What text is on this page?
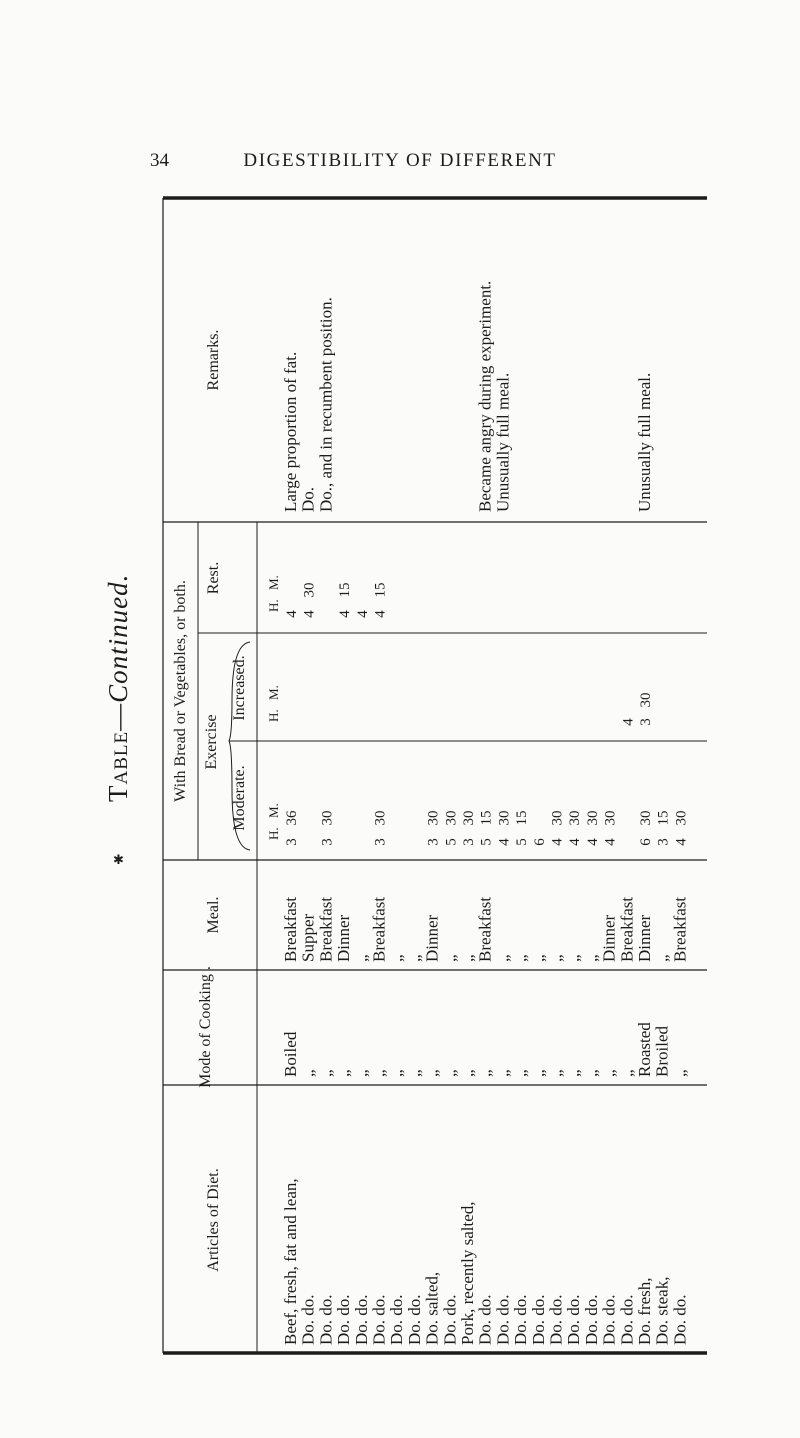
34	DIGESTIBILITY OF DIFFERENT
Table—Continued.
✱
Remarks.
With Bread or Vegetables, or both.
Rest.
Exercise
Increased.
Moderate.
Meal.
Mode of Cooking .
Articles of Diet.
H.
M.
H.
M.
H.
M.
Beef, fresh, fat and lean,
Boiled
Breakfast
3
36
4
Large proportion of fat.
Do. do.
„
Supper
4
30
Do.
Do. do.
„
Breakfast
3
30
Do., and in recumbent position.
Do. do.
„
Dinner
4
15
Do. do.
„
„
4
Do. do.
„
Breakfast
3
30
4
15
Do. do.
„
„
Do. do.
„
„
Do. salted,
„
Dinner
3
30
Do. do.
„
„
5
30
Pork, recently salted,
„
„
3
30
Do. do.
„
Breakfast
5
15
Became angry during experiment.
Do. do.
„
„
4
30
Unusually full meal.
Do. do.
„
„
5
15
Do. do.
„
„
6
Do. do.
„
„
4
30
Do. do.
„
„
4
30
Do. do.
„
„
4
30
Do. do.
„
Dinner
4
30
Do. do.
„
Breakfast
4
Do. fresh,
Roasted
Dinner
6
30
3
30
Unusually full meal.
Do. steak,
Broiled
„
3
15
Do. do.
„
Breakfast
4
30
